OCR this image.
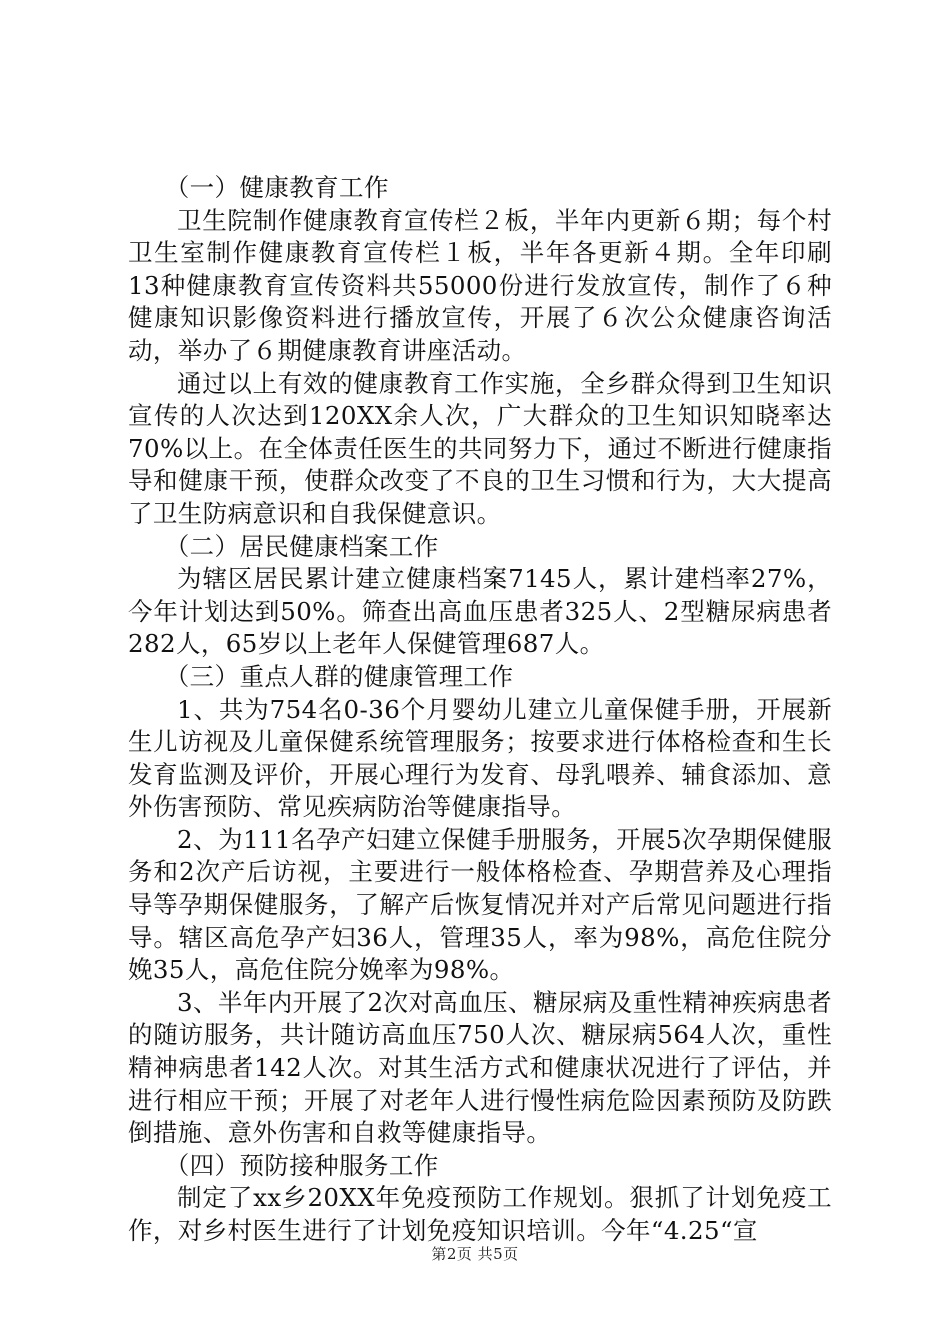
（一）健康教育工作

卫生院制作健康教育宣传栏２板，半年内更新６期；每个村卫生室制作健康教育宣传栏１板，半年各更新４期。全年印刷13种健康教育宣传资料共55000份进行发放宣传，制作了６种健康知识影像资料进行播放宣传，开展了６次公众健康咨询活动，举办了６期健康教育讲座活动。

通过以上有效的健康教育工作实施，全乡群众得到卫生知识宣传的人次达到120XX余人次，广大群众的卫生知识知晓率达70%以上。在全体责任医生的共同努力下，通过不断进行健康指导和健康干预，使群众改变了不良的卫生习惯和行为，大大提高了卫生防病意识和自我保健意识。

（二）居民健康档案工作

为辖区居民累计建立健康档案7145人，累计建档率27%，今年计划达到50%。筛查出高血压患者325人、2型糖尿病患者282人，65岁以上老年人保健管理687人。

（三）重点人群的健康管理工作

1、共为754名0-36个月婴幼儿建立儿童保健手册，开展新生儿访视及儿童保健系统管理服务；按要求进行体格检查和生长发育监测及评价，开展心理行为发育、母乳喂养、辅食添加、意外伤害预防、常见疾病防治等健康指导。

2、为111名孕产妇建立保健手册服务，开展5次孕期保健服务和2次产后访视，主要进行一般体格检查、孕期营养及心理指导等孕期保健服务，了解产后恢复情况并对产后常见问题进行指导。辖区高危孕产妇36人，管理35人，率为98%，高危住院分娩35人，高危住院分娩率为98%。

3、半年内开展了2次对高血压、糖尿病及重性精神疾病患者的随访服务，共计随访高血压750人次、糖尿病564人次，重性精神病患者142人次。对其生活方式和健康状况进行了评估，并进行相应干预；开展了对老年人进行慢性病危险因素预防及防跌倒措施、意外伤害和自救等健康指导。

（四）预防接种服务工作

制定了xx乡20XX年免疫预防工作规划。狠抓了计划免疫工作，对乡村医生进行了计划免疫知识培训。今年“4.25“宣

第2页 共5页
